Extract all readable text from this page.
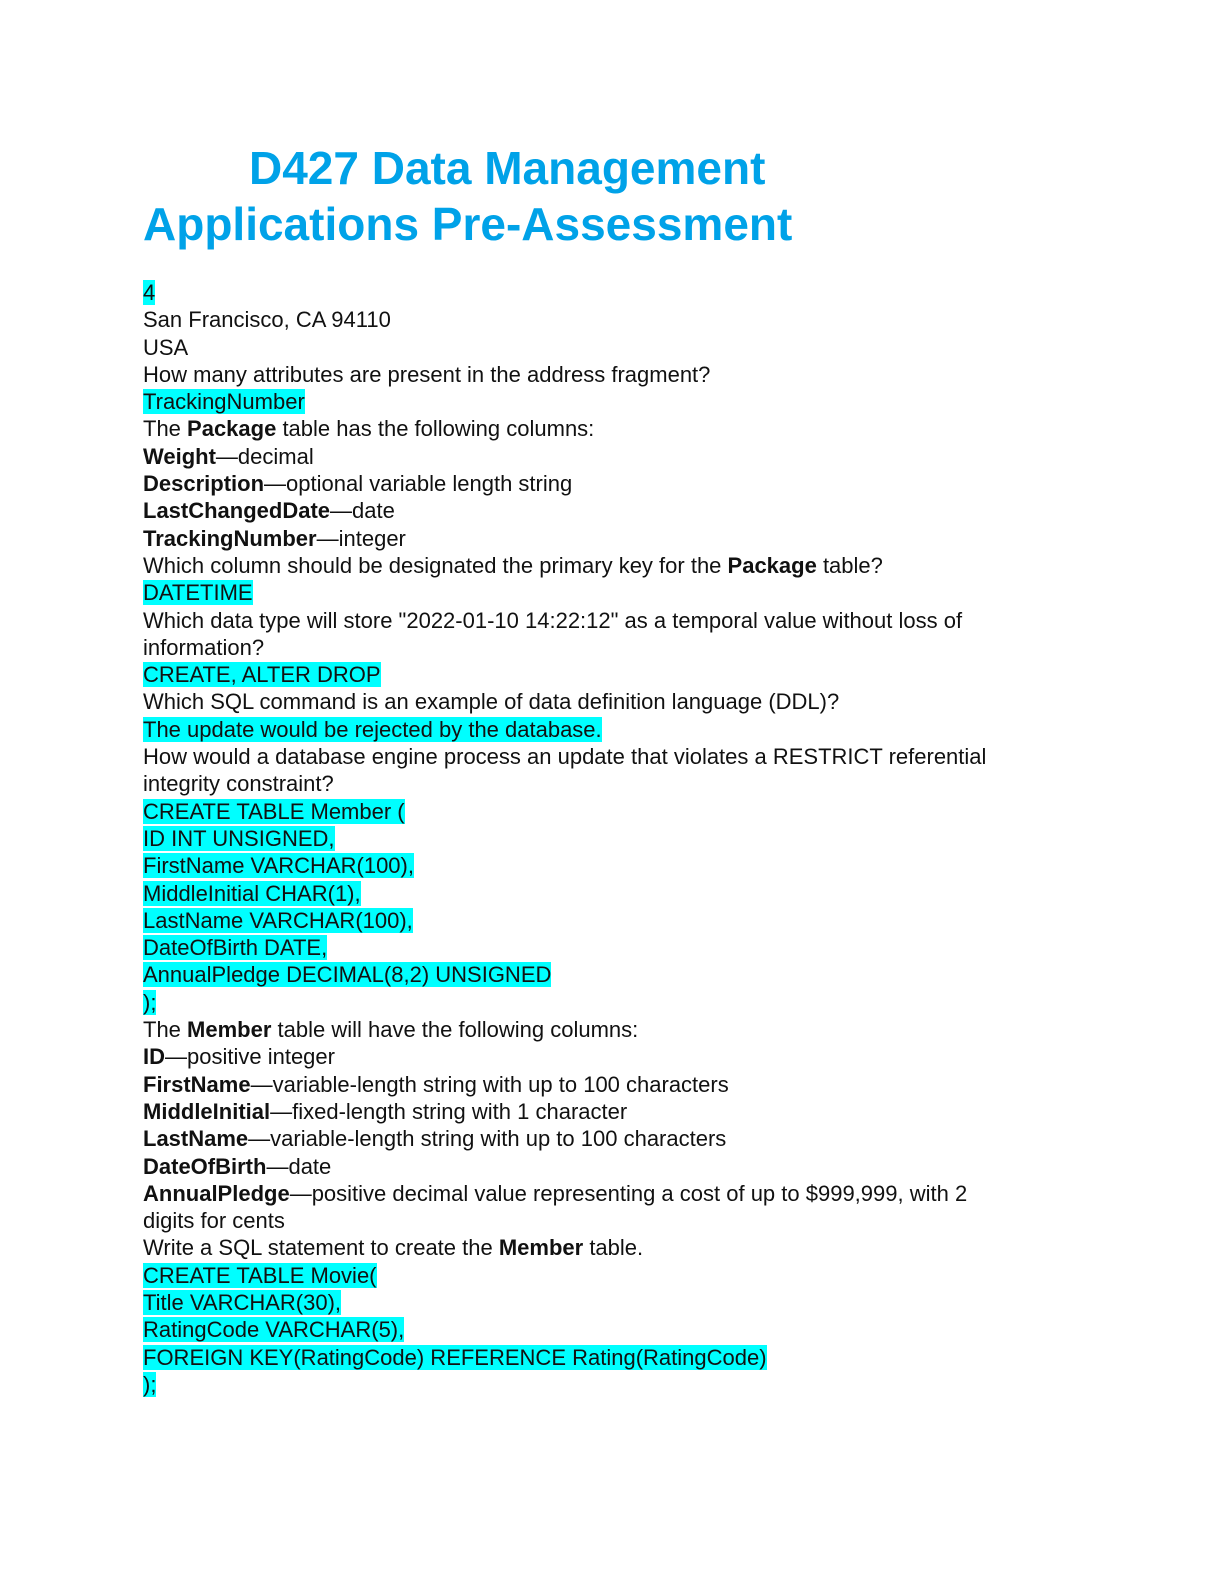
D427 Data Management
Applications Pre-Assessment
4
San Francisco, CA 94110
USA
How many attributes are present in the address fragment?
TrackingNumber
The Package table has the following columns:
Weight—decimal
Description—optional variable length string
LastChangedDate—date
TrackingNumber—integer
Which column should be designated the primary key for the Package table?
DATETIME
Which data type will store "2022-01-10 14:22:12" as a temporal value without loss of
information?
CREATE, ALTER DROP
Which SQL command is an example of data definition language (DDL)?
The update would be rejected by the database.
How would a database engine process an update that violates a RESTRICT referential
integrity constraint?
CREATE TABLE Member (
ID INT UNSIGNED,
FirstName VARCHAR(100),
MiddleInitial CHAR(1),
LastName VARCHAR(100),
DateOfBirth DATE,
AnnualPledge DECIMAL(8,2) UNSIGNED
);
The Member table will have the following columns:
ID—positive integer
FirstName—variable-length string with up to 100 characters
MiddleInitial—fixed-length string with 1 character
LastName—variable-length string with up to 100 characters
DateOfBirth—date
AnnualPledge—positive decimal value representing a cost of up to $999,999, with 2
digits for cents
Write a SQL statement to create the Member table.
CREATE TABLE Movie(
Title VARCHAR(30),
RatingCode VARCHAR(5),
FOREIGN KEY(RatingCode) REFERENCE Rating(RatingCode)
);
